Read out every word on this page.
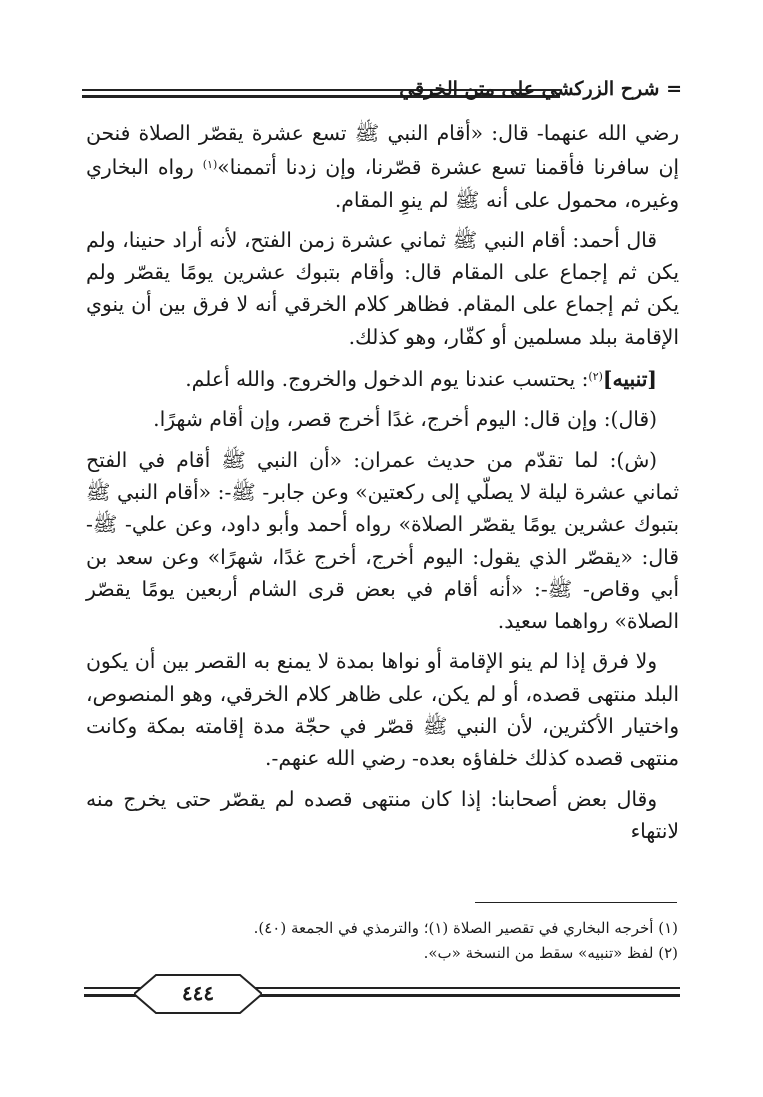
= شرح الزركشي على متن الخرقي

رضي الله عنهما- قال: «أقام النبي ﷺ تسع عشرة يقصّر الصلاة فنحن إن سافرنا فأقمنا تسع عشرة قصّرنا، وإن زدنا أتممنا»$^{(١)}$ رواه البخاري وغيره، محمول على أنه ﷺ لم ينوِ المقام.

قال أحمد: أقام النبي ﷺ ثماني عشرة زمن الفتح، لأنه أراد حنينا، ولم يكن ثم إجماع على المقام قال: وأقام بتبوك عشرين يومًا يقصّر ولم يكن ثم إجماع على المقام. فظاهر كلام الخرقي أنه لا فرق بين أن ينوي الإقامة ببلد مسلمين أو كفّار، وهو كذلك.

[تنبيه]$^{(٢)}$: يحتسب عندنا يوم الدخول والخروج. والله أعلم.

(قال): وإن قال: اليوم أخرج، غدًا أخرج قصر، وإن أقام شهرًا.

(ش): لما تقدّم من حديث عمران: «أن النبي ﷺ أقام في الفتح ثماني عشرة ليلة لا يصلّي إلى ركعتين» وعن جابر- ﷺ-: «أقام النبي ﷺ بتبوك عشرين يومًا يقصّر الصلاة» رواه أحمد وأبو داود، وعن علي- ﷺ- قال: «يقصّر الذي يقول: اليوم أخرج، أخرج غدًا، شهرًا» وعن سعد بن أبي وقاص- ﷺ-: «أنه أقام في بعض قرى الشام أربعين يومًا يقصّر الصلاة» رواهما سعيد.

ولا فرق إذا لم ينو الإقامة أو نواها بمدة لا يمنع به القصر بين أن يكون البلد منتهى قصده، أو لم يكن، على ظاهر كلام الخرقي، وهو المنصوص، واختيار الأكثرين، لأن النبي ﷺ قصّر في حجّة مدة إقامته بمكة وكانت منتهى قصده كذلك خلفاؤه بعده- رضي الله عنهم-.

وقال بعض أصحابنا: إذا كان منتهى قصده لم يقصّر حتى يخرج منه لانتهاء

(١) أخرجه البخاري في تقصير الصلاة (١)؛ والترمذي في الجمعة (٤٠).
(٢) لفظ «تنبيه» سقط من النسخة «ب».
٤٤٤
